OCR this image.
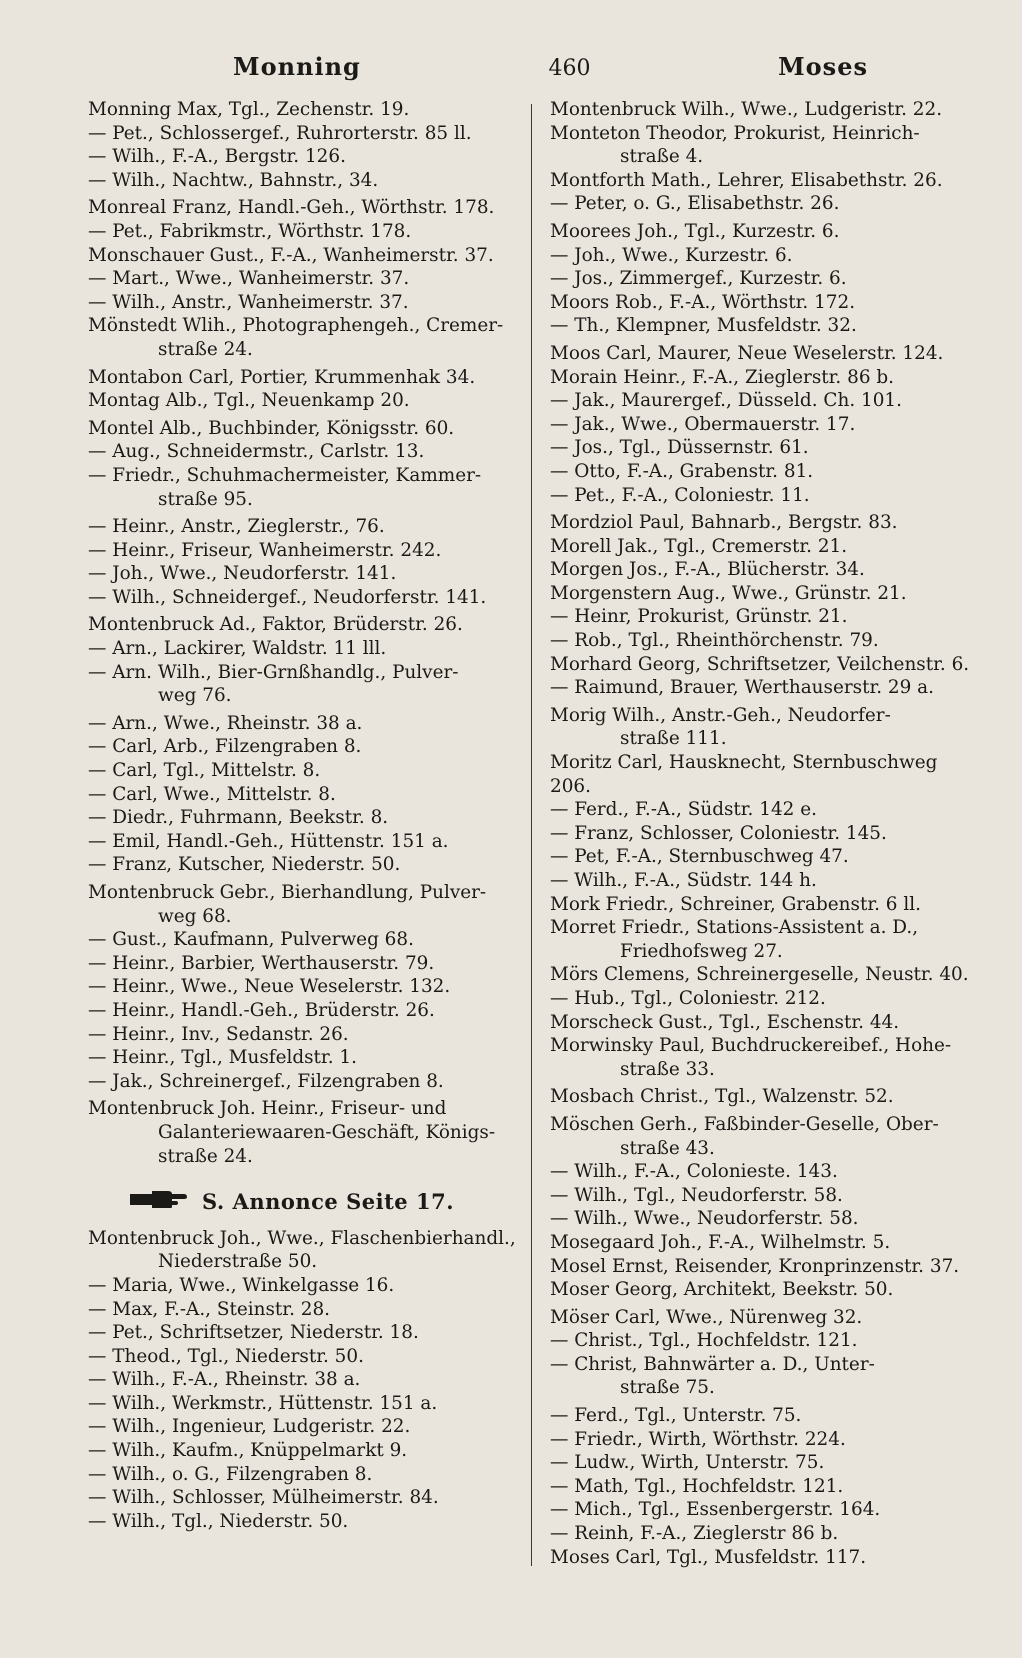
Monning	460	Moses
Monning Max, Tgl., Zechenstr. 19.
— Pet., Schlossergef., Ruhrorterstr. 85 ll.
— Wilh., F.-A., Bergstr. 126.
— Wilh., Nachtw., Bahnstr., 34.
Monreal Franz, Handl.-Geh., Wörthstr. 178.
— Pet., Fabrikmstr., Wörthstr. 178.
Monschauer Gust., F.-A., Wanheimerstr. 37.
— Mart., Wwe., Wanheimerstr. 37.
— Wilh., Anstr., Wanheimerstr. 37.
Mönstedt Wlih., Photographengeh., Cremer-
straße 24.
Montabon Carl, Portier, Krummenhak 34.
Montag Alb., Tgl., Neuenkamp 20.
Montel Alb., Buchbinder, Königsstr. 60.
— Aug., Schneidermstr., Carlstr. 13.
— Friedr., Schuhmachermeister, Kammer-
straße 95.
— Heinr., Anstr., Zieglerstr., 76.
— Heinr., Friseur, Wanheimerstr. 242.
— Joh., Wwe., Neudorferstr. 141.
— Wilh., Schneidergef., Neudorferstr. 141.
Montenbruck Ad., Faktor, Brüderstr. 26.
— Arn., Lackirer, Waldstr. 11 lll.
— Arn. Wilh., Bier-Grnßhandlg., Pulver-
weg 76.
— Arn., Wwe., Rheinstr. 38 a.
— Carl, Arb., Filzengraben 8.
— Carl, Tgl., Mittelstr. 8.
— Carl, Wwe., Mittelstr. 8.
— Diedr., Fuhrmann, Beekstr. 8.
— Emil, Handl.-Geh., Hüttenstr. 151 a.
— Franz, Kutscher, Niederstr. 50.
Montenbruck Gebr., Bierhandlung, Pulver-
weg 68.
— Gust., Kaufmann, Pulverweg 68.
— Heinr., Barbier, Werthauserstr. 79.
— Heinr., Wwe., Neue Weselerstr. 132.
— Heinr., Handl.-Geh., Brüderstr. 26.
— Heinr., Inv., Sedanstr. 26.
— Heinr., Tgl., Musfeldstr. 1.
— Jak., Schreinergef., Filzengraben 8.
Montenbruck Joh. Heinr., Friseur- und
Galanteriewaaren-Geschäft, Königs-
straße 24.
S. Annonce Seite 17.
Montenbruck Joh., Wwe., Flaschenbierhandl.,
Niederstraße 50.
— Maria, Wwe., Winkelgasse 16.
— Max, F.-A., Steinstr. 28.
— Pet., Schriftsetzer, Niederstr. 18.
— Theod., Tgl., Niederstr. 50.
— Wilh., F.-A., Rheinstr. 38 a.
— Wilh., Werkmstr., Hüttenstr. 151 a.
— Wilh., Ingenieur, Ludgeristr. 22.
— Wilh., Kaufm., Knüppelmarkt 9.
— Wilh., o. G., Filzengraben 8.
— Wilh., Schlosser, Mülheimerstr. 84.
— Wilh., Tgl., Niederstr. 50.
Montenbruck Wilh., Wwe., Ludgeristr. 22.
Monteton Theodor, Prokurist, Heinrich-
straße 4.
Montforth Math., Lehrer, Elisabethstr. 26.
— Peter, o. G., Elisabethstr. 26.
Moorees Joh., Tgl., Kurzestr. 6.
— Joh., Wwe., Kurzestr. 6.
— Jos., Zimmergef., Kurzestr. 6.
Moors Rob., F.-A., Wörthstr. 172.
— Th., Klempner, Musfeldstr. 32.
Moos Carl, Maurer, Neue Weselerstr. 124.
Morain Heinr., F.-A., Zieglerstr. 86 b.
— Jak., Maurergef., Düsseld. Ch. 101.
— Jak., Wwe., Obermauerstr. 17.
— Jos., Tgl., Düssernstr. 61.
— Otto, F.-A., Grabenstr. 81.
— Pet., F.-A., Coloniestr. 11.
Mordziol Paul, Bahnarb., Bergstr. 83.
Morell Jak., Tgl., Cremerstr. 21.
Morgen Jos., F.-A., Blücherstr. 34.
Morgenstern Aug., Wwe., Grünstr. 21.
— Heinr, Prokurist, Grünstr. 21.
— Rob., Tgl., Rheinthörchenstr. 79.
Morhard Georg, Schriftsetzer, Veilchenstr. 6.
— Raimund, Brauer, Werthauserstr. 29 a.
Morig Wilh., Anstr.-Geh., Neudorfer-
straße 111.
Moritz Carl, Hausknecht, Sternbuschweg 206.
— Ferd., F.-A., Südstr. 142 e.
— Franz, Schlosser, Coloniestr. 145.
— Pet, F.-A., Sternbuschweg 47.
— Wilh., F.-A., Südstr. 144 h.
Mork Friedr., Schreiner, Grabenstr. 6 ll.
Morret Friedr., Stations-Assistent a. D.,
Friedhofsweg 27.
Mörs Clemens, Schreinergeselle, Neustr. 40.
— Hub., Tgl., Coloniestr. 212.
Morscheck Gust., Tgl., Eschenstr. 44.
Morwinsky Paul, Buchdruckereibef., Hohe-
straße 33.
Mosbach Christ., Tgl., Walzenstr. 52.
Möschen Gerh., Faßbinder-Geselle, Ober-
straße 43.
— Wilh., F.-A., Colonieste. 143.
— Wilh., Tgl., Neudorferstr. 58.
— Wilh., Wwe., Neudorferstr. 58.
Mosegaard Joh., F.-A., Wilhelmstr. 5.
Mosel Ernst, Reisender, Kronprinzenstr. 37.
Moser Georg, Architekt, Beekstr. 50.
Möser Carl, Wwe., Nürenweg 32.
— Christ., Tgl., Hochfeldstr. 121.
— Christ, Bahnwärter a. D., Unter-
straße 75.
— Ferd., Tgl., Unterstr. 75.
— Friedr., Wirth, Wörthstr. 224.
— Ludw., Wirth, Unterstr. 75.
— Math, Tgl., Hochfeldstr. 121.
— Mich., Tgl., Essenbergerstr. 164.
— Reinh, F.-A., Zieglerstr 86 b.
Moses Carl, Tgl., Musfeldstr. 117.
